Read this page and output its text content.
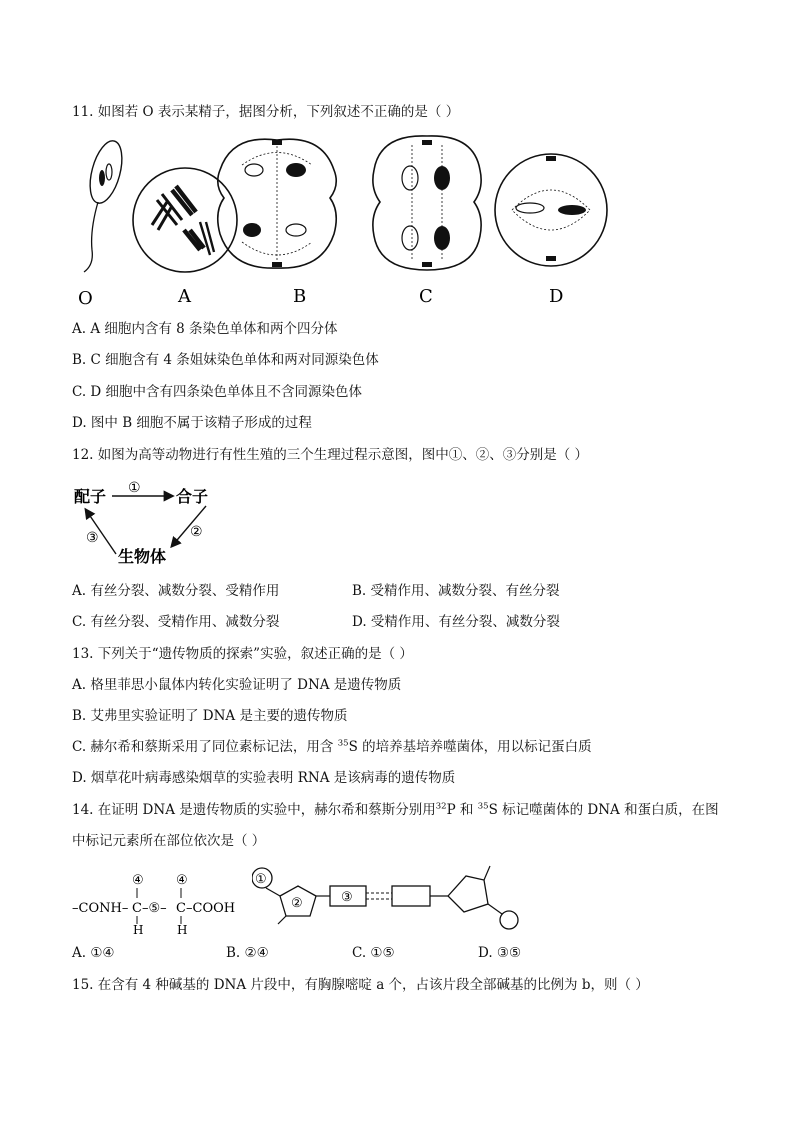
11. 如图若 O 表示某精子，据图分析，下列叙述不正确的是（ ）
O	A	B	C	D
A. A 细胞内含有 8 条染色单体和两个四分体
B. C 细胞含有 4 条姐妹染色单体和两对同源染色体
C. D 细胞中含有四条染色单体且不含同源染色体
D. 图中 B 细胞不属于该精子形成的过程
12. 如图为高等动物进行有性生殖的三个生理过程示意图，图中①、②、③分别是（ ）
配子	合子
生物体
①
②
③
A. 有丝分裂、减数分裂、受精作用	B. 受精作用、减数分裂、有丝分裂
C. 有丝分裂、受精作用、减数分裂	D. 受精作用、有丝分裂、减数分裂
13. 下列关于“遗传物质的探索”实验，叙述正确的是（ ）
A. 格里菲思小鼠体内转化实验证明了 DNA 是遗传物质
B. 艾弗里实验证明了 DNA 是主要的遗传物质
C. 赫尔希和蔡斯采用了同位素标记法，用含 $^{35}$S 的培养基培养噬菌体，用以标记蛋白质
D. 烟草花叶病毒感染烟草的实验表明 RNA 是该病毒的遗传物质
14. 在证明 DNA 是遗传物质的实验中，赫尔希和蔡斯分别用$^{32}$P 和 $^{35}$S 标记噬菌体的 DNA 和蛋白质，在图
中标记元素所在部位依次是（ ）
④ ④
–CONH– C –⑤– C –COOH
H	H
①
②	③
A. ①④	B. ②④	C. ①⑤	D. ③⑤
15. 在含有 4 种碱基的 DNA 片段中，有胸腺嘧啶 a 个，占该片段全部碱基的比例为 b，则（ ）
